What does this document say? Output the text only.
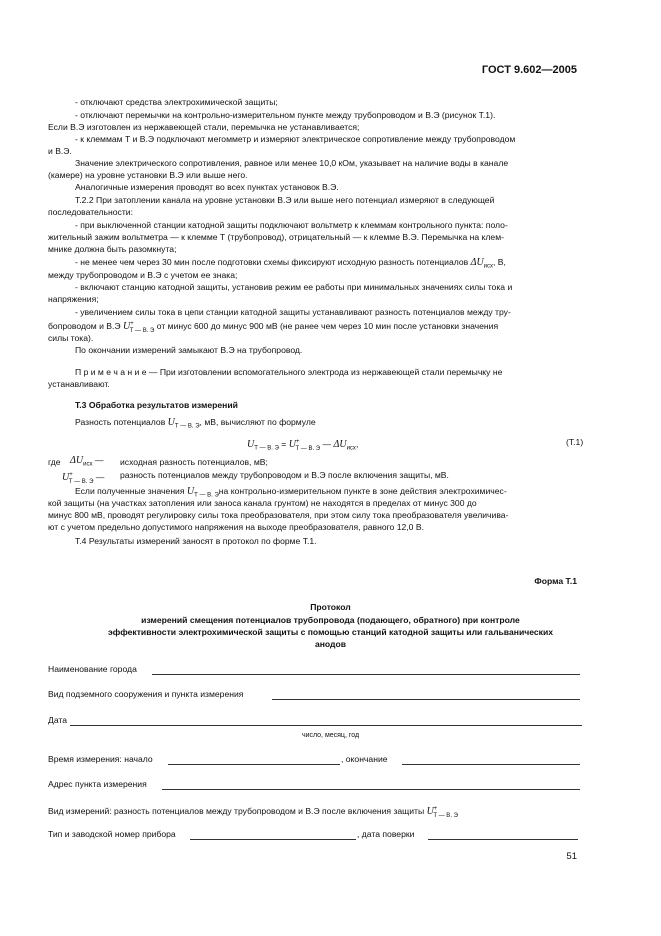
ГОСТ 9.602—2005
- отключают средства электрохимической защиты;
- отключают перемычки на контрольно-измерительном пункте между трубопроводом и В.Э (рисунок Т.1).
Если В.Э изготовлен из нержавеющей стали, перемычка не устанавливается;
- к клеммам Т и В.Э подключают мегомметр и измеряют электрическое сопротивление между трубопроводом
и В.Э.
Значение электрического сопротивления, равное или менее 10,0 кОм, указывает на наличие воды в канале
(камере) на уровне установки В.Э или выше него.
Аналогичные измерения проводят во всех пунктах установок В.Э.
Т.2.2 При затоплении канала на уровне установки В.Э или выше него потенциал измеряют в следующей
последовательности:
- при выключенной станции катодной защиты подключают вольтметр к клеммам контрольного пункта: поло-
жительный зажим вольтметра — к клемме Т (трубопровод), отрицательный — к клемме В.Э. Перемычка на клем-
мнике должна быть разомкнута;
- не менее чем через 30 мин после подготовки схемы фиксируют исходную разность потенциалов $\Delta U_{исх}$, В,
между трубопроводом и В.Э с учетом ее знака;
- включают станцию катодной защиты, установив режим ее работы при минимальных значениях силы тока и
напряжения;
- увеличением силы тока в цепи станции катодной защиты устанавливают разность потенциалов между тру-
бопроводом и В.Э $U^+_{Т — В. Э}$ от минус 600 до минус 900 мВ (не ранее чем через 10 мин после установки значения
силы тока).
По окончании измерений замыкают В.Э на трубопровод.
П р и м е ч а н и е — При изготовлении вспомогательного электрода из нержавеющей стали перемычку не
устанавливают.
Т.3 Обработка результатов измерений
Разность потенциалов $U_{Т — В. Э}$, мВ, вычисляют по формуле
$U_{Т — В. Э} = U^+_{Т — В. Э}$ — $\Delta U_{исх}$,	(Т.1)
где $\Delta U_{исх}$ — исходная разность потенциалов, мВ;
$U^+_{Т — В. Э}$ — разность потенциалов между трубопроводом и В.Э после включения защиты, мВ.
Если полученные значения $U_{Т — В. Э}на$ контрольно-измерительном пункте в зоне действия электрохимичес-
кой защиты (на участках затопления или заноса канала грунтом) не находятся в пределах от минус 300 до
минус 800 мВ, проводят регулировку силы тока преобразователя, при этом силу тока преобразователя увеличива-
ют с учетом предельно допустимого напряжения на выходе преобразователя, равного 12,0 В.
Т.4 Результаты измерений заносят в протокол по форме Т.1.
Форма Т.1
Протокол
измерений смещения потенциалов трубопровода (подающего, обратного) при контроле
эффективности электрохимической защиты с помощью станций катодной защиты или гальванических
анодов
Наименование города
Вид подземного сооружения и пункта измерения
Дата
число, месяц, год
Время измерения: начало	, окончание
Адрес пункта измерения
Вид измерений: разность потенциалов между трубопроводом и В.Э после включения защиты $U^+_{Т — В. Э}$
Тип и заводской номер прибора	, дата поверки
51
